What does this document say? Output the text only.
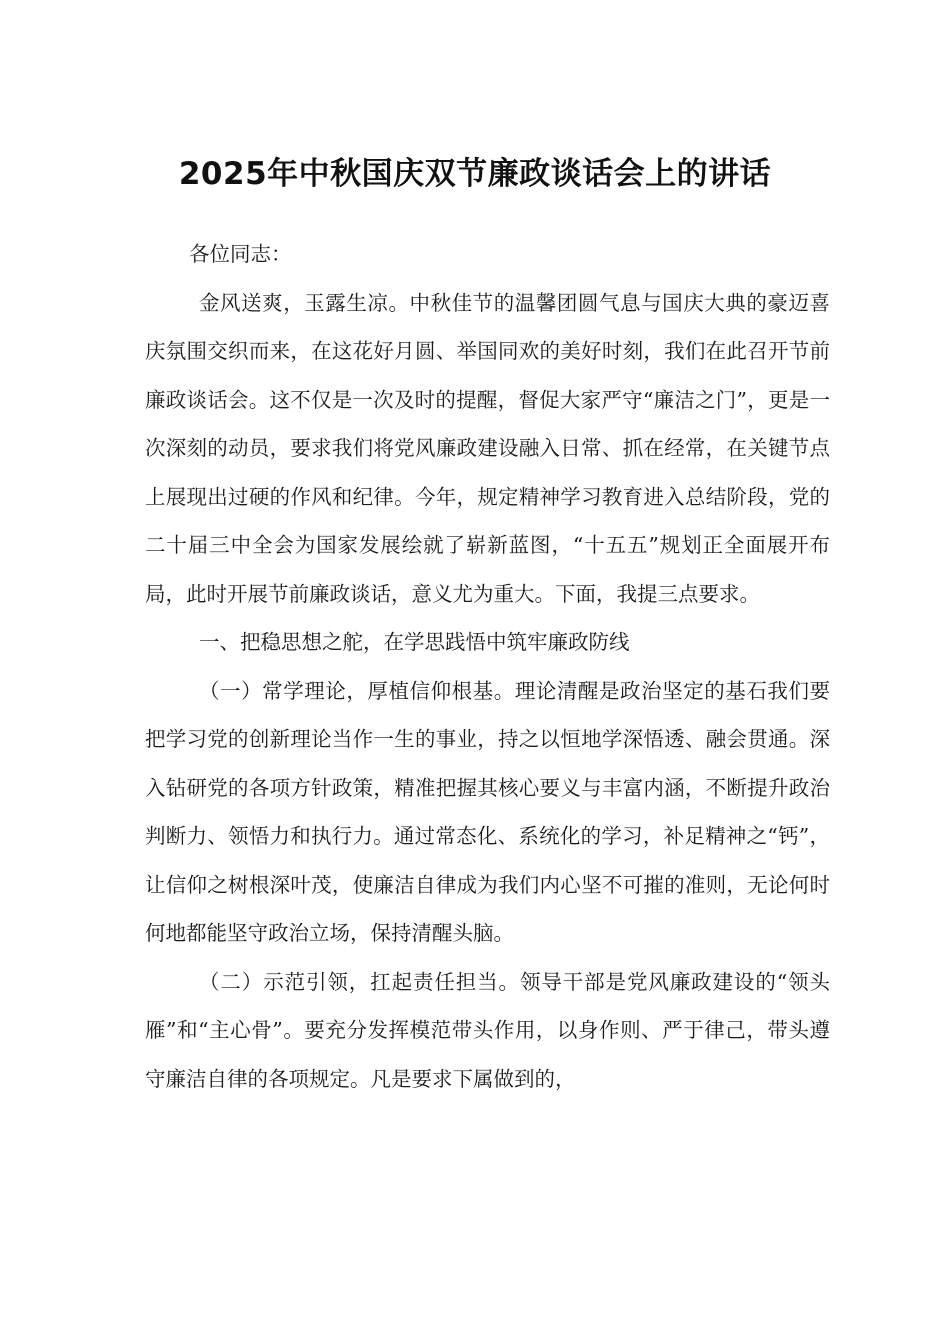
2025年中秋国庆双节廉政谈话会上的讲话

各位同志：

金风送爽，玉露生凉。中秋佳节的温馨团圆气息与国庆大典的豪迈喜庆氛围交织而来，在这花好月圆、举国同欢的美好时刻，我们在此召开节前廉政谈话会。这不仅是一次及时的提醒，督促大家严守“廉洁之门”，更是一次深刻的动员，要求我们将党风廉政建设融入日常、抓在经常，在关键节点上展现出过硬的作风和纪律。今年，规定精神学习教育进入总结阶段，党的二十届三中全会为国家发展绘就了崭新蓝图，“十五五”规划正全面展开布局，此时开展节前廉政谈话，意义尤为重大。下面，我提三点要求。

一、把稳思想之舵，在学思践悟中筑牢廉政防线

（一）常学理论，厚植信仰根基。理论清醒是政治坚定的基石我们要把学习党的创新理论当作一生的事业，持之以恒地学深悟透、融会贯通。深入钻研党的各项方针政策，精准把握其核心要义与丰富内涵，不断提升政治判断力、领悟力和执行力。通过常态化、系统化的学习，补足精神之“钙”，让信仰之树根深叶茂，使廉洁自律成为我们内心坚不可摧的准则，无论何时何地都能坚守政治立场，保持清醒头脑。

（二）示范引领，扛起责任担当。领导干部是党风廉政建设的“领头雁”和“主心骨”。要充分发挥模范带头作用，以身作则、严于律己，带头遵守廉洁自律的各项规定。凡是要求下属做到的，
